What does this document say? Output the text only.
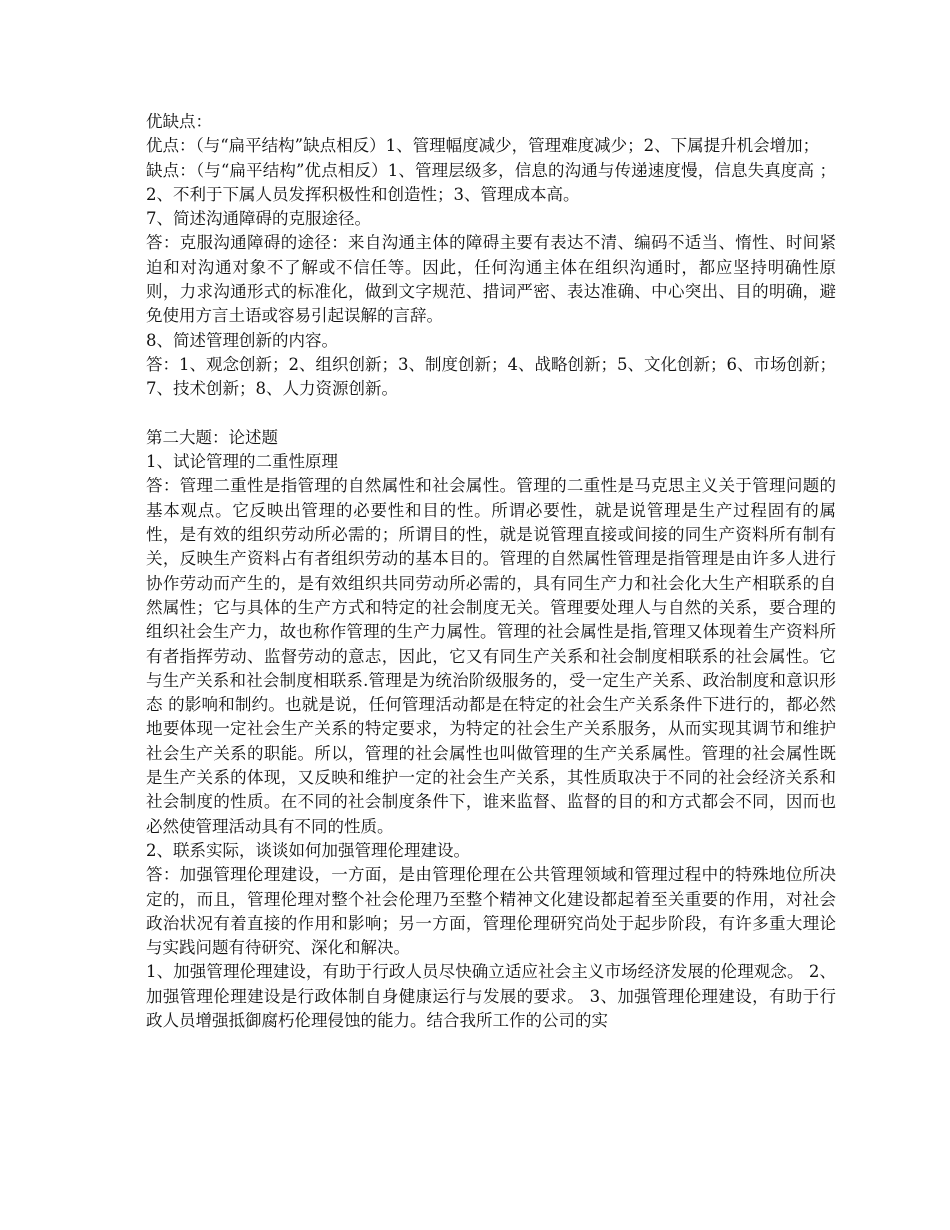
优缺点：

优点：（与“扁平结构”缺点相反）1、管理幅度减少，管理难度减少；2、下属提升机会增加；

缺点：（与“扁平结构”优点相反）1、管理层级多，信息的沟通与传递速度慢，信息失真度高 ；2、不利于下属人员发挥积极性和创造性；3、管理成本高。

7、简述沟通障碍的克服途径。

答：克服沟通障碍的途径：来自沟通主体的障碍主要有表达不清、编码不适当、惰性、时间紧迫和对沟通对象不了解或不信任等。因此，任何沟通主体在组织沟通时，都应坚持明确性原则，力求沟通形式的标准化，做到文字规范、措词严密、表达准确、中心突出、目的明确，避免使用方言土语或容易引起误解的言辞。

8、简述管理创新的内容。

答：1、观念创新；2、组织创新；3、制度创新；4、战略创新；5、文化创新；6、市场创新；7、技术创新；8、人力资源创新。

第二大题：论述题

1、试论管理的二重性原理

答：管理二重性是指管理的自然属性和社会属性。管理的二重性是马克思主义关于管理问题的基本观点。它反映出管理的必要性和目的性。所谓必要性，就是说管理是生产过程固有的属性，是有效的组织劳动所必需的；所谓目的性，就是说管理直接或间接的同生产资料所有制有关，反映生产资料占有者组织劳动的基本目的。管理的自然属性管理是指管理是由许多人进行协作劳动而产生的，是有效组织共同劳动所必需的，具有同生产力和社会化大生产相联系的自然属性；它与具体的生产方式和特定的社会制度无关。管理要处理人与自然的关系，要合理的组织社会生产力，故也称作管理的生产力属性。管理的社会属性是指,管理又体现着生产资料所有者指挥劳动、监督劳动的意志，因此，它又有同生产关系和社会制度相联系的社会属性。它与生产关系和社会制度相联系.管理是为统治阶级服务的，受一定生产关系、政治制度和意识形态 的影响和制约。也就是说，任何管理活动都是在特定的社会生产关系条件下进行的，都必然地要体现一定社会生产关系的特定要求，为特定的社会生产关系服务，从而实现其调节和维护社会生产关系的职能。所以，管理的社会属性也叫做管理的生产关系属性。管理的社会属性既是生产关系的体现，又反映和维护一定的社会生产关系，其性质取决于不同的社会经济关系和社会制度的性质。在不同的社会制度条件下，谁来监督、监督的目的和方式都会不同，因而也必然使管理活动具有不同的性质。

2、联系实际，谈谈如何加强管理伦理建设。

答：加强管理伦理建设，一方面，是由管理伦理在公共管理领域和管理过程中的特殊地位所决定的，而且，管理伦理对整个社会伦理乃至整个精神文化建设都起着至关重要的作用，对社会政治状况有着直接的作用和影响；另一方面，管理伦理研究尚处于起步阶段，有许多重大理论与实践问题有待研究、深化和解决。

1、加强管理伦理建设，有助于行政人员尽快确立适应社会主义市场经济发展的伦理观念。 2、加强管理伦理建设是行政体制自身健康运行与发展的要求。 3、加强管理伦理建设，有助于行政人员增强抵御腐朽伦理侵蚀的能力。结合我所工作的公司的实
